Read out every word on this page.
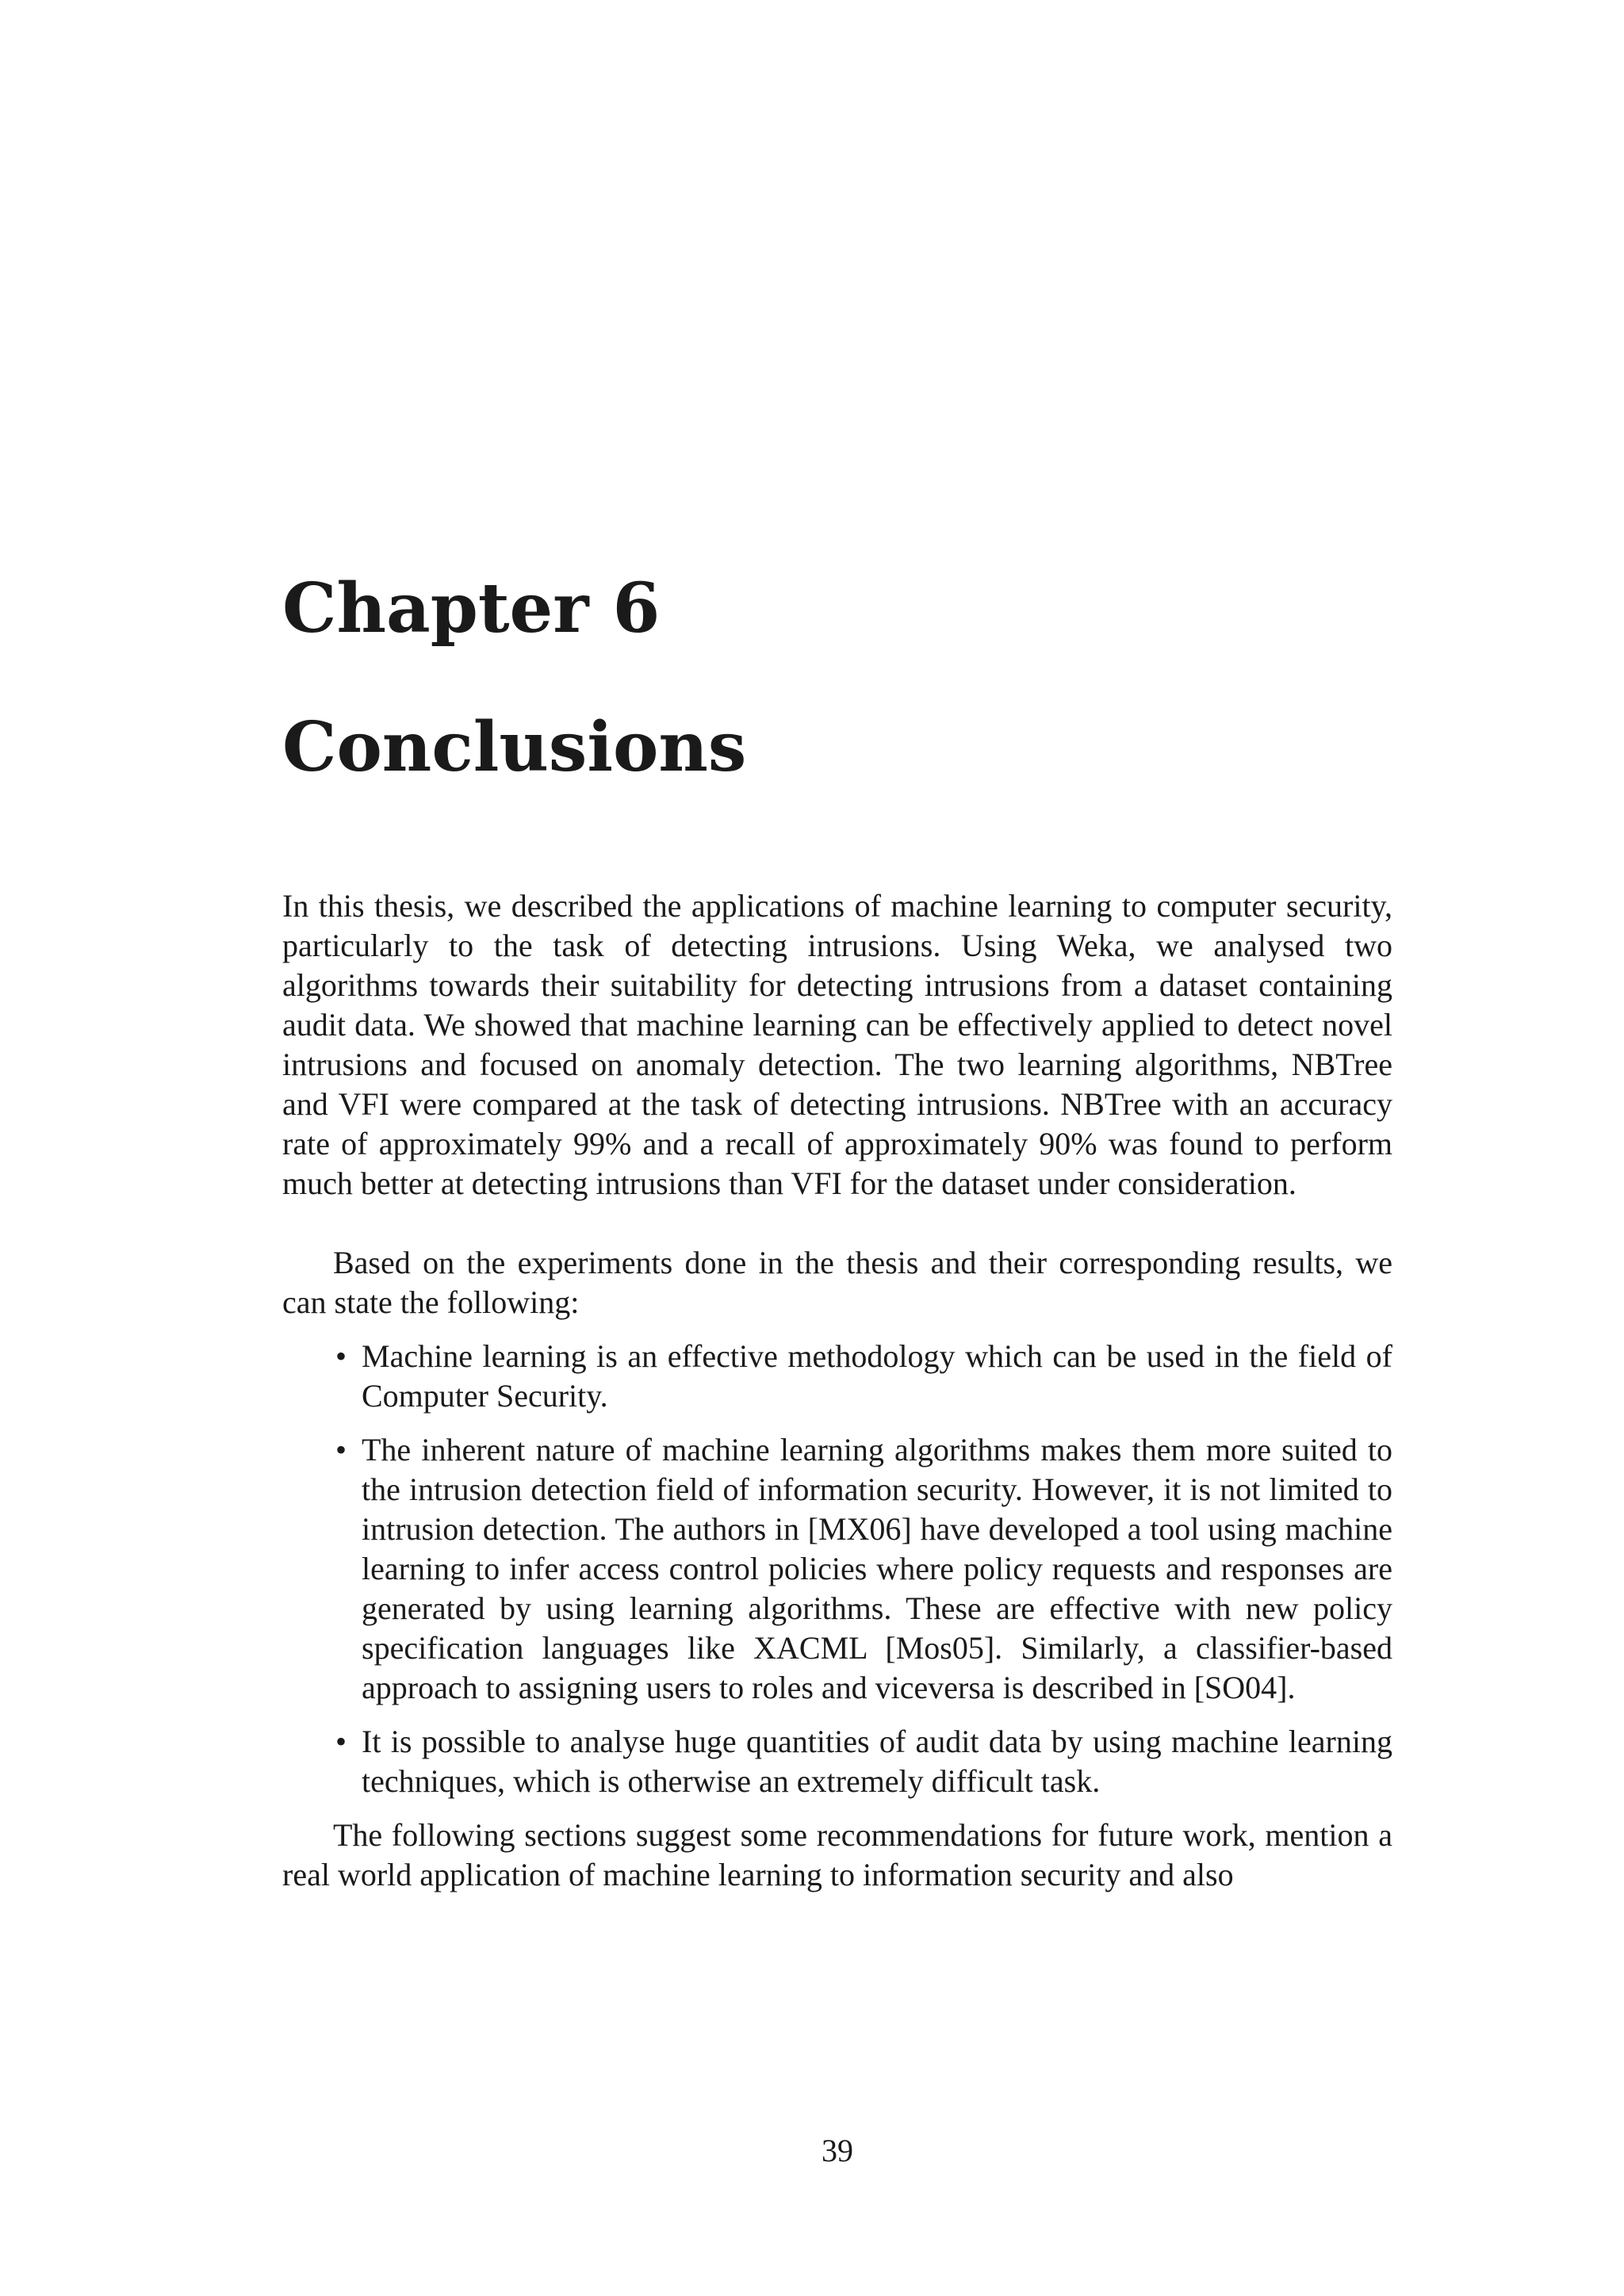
Chapter 6
Conclusions

In this thesis, we described the applications of machine learning to computer security, particularly to the task of detecting intrusions. Using Weka, we analysed two algorithms towards their suitability for detecting intrusions from a dataset containing audit data. We showed that machine learning can be effectively applied to detect novel intrusions and focused on anomaly detection. The two learning algorithms, NBTree and VFI were compared at the task of detecting intrusions. NBTree with an accuracy rate of approximately 99% and a recall of approximately 90% was found to perform much better at detecting intrusions than VFI for the dataset under consideration.

Based on the experiments done in the thesis and their corresponding results, we can state the following:

• Machine learning is an effective methodology which can be used in the field of Computer Security.
• The inherent nature of machine learning algorithms makes them more suited to the intrusion detection field of information security. However, it is not limited to intrusion detection. The authors in [MX06] have developed a tool using machine learning to infer access control policies where policy requests and responses are generated by using learning algorithms. These are effective with new policy specification languages like XACML [Mos05]. Similarly, a classifier-based approach to assigning users to roles and viceversa is described in [SO04].
• It is possible to analyse huge quantities of audit data by using machine learning techniques, which is otherwise an extremely difficult task.

The following sections suggest some recommendations for future work, mention a real world application of machine learning to information security and also

39
